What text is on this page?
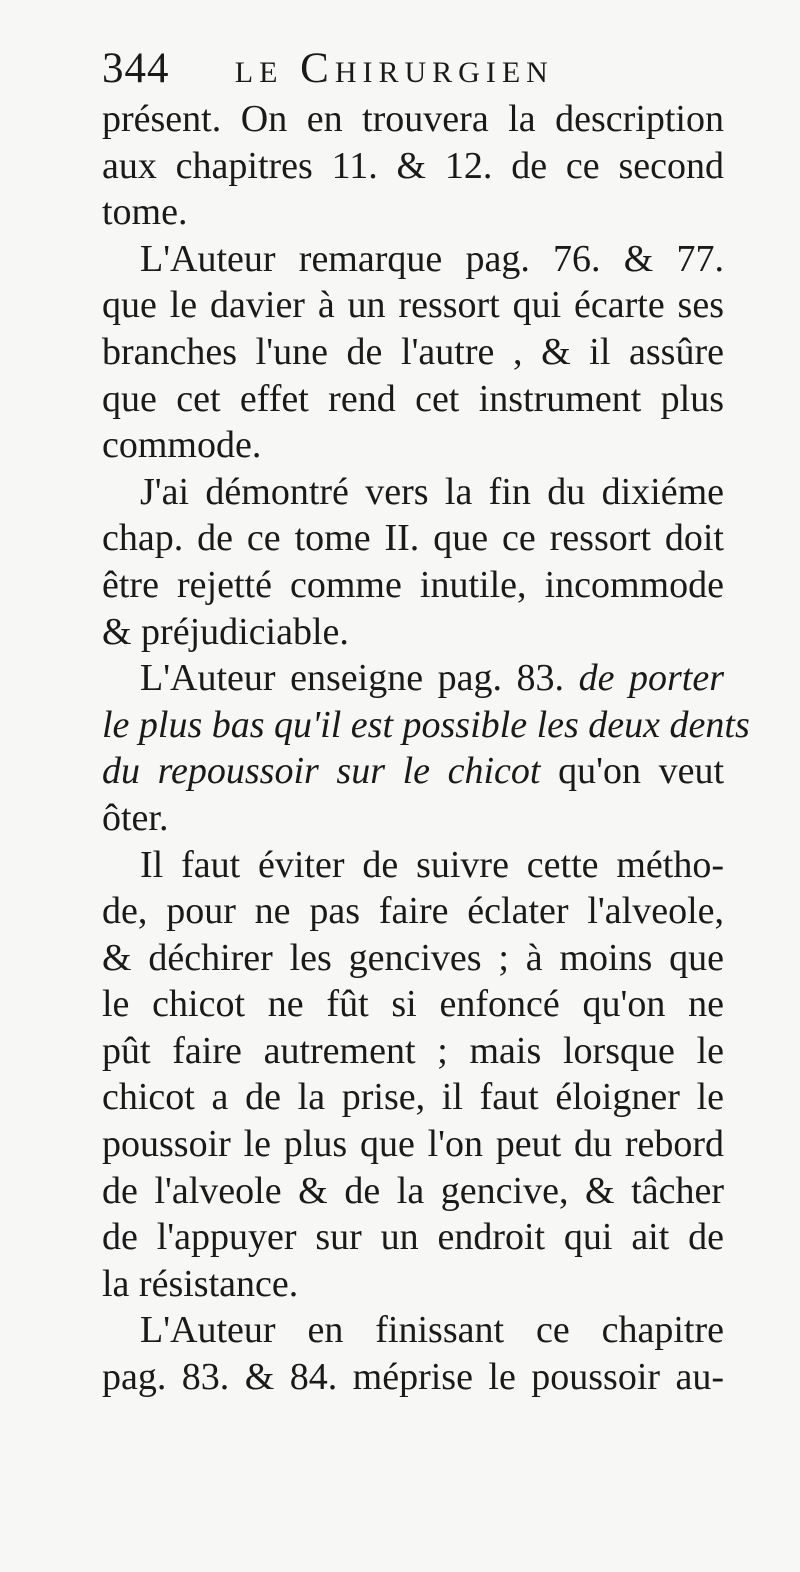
344 le Chirurgien
présent. On en trouvera la description
aux chapitres 11. & 12. de ce second
tome.
L'Auteur remarque pag. 76. & 77.
que le davier à un ressort qui écarte ses
branches l'une de l'autre , & il assûre
que cet effet rend cet instrument plus
commode.
J'ai démontré vers la fin du dixiéme
chap. de ce tome II. que ce ressort doit
être rejetté comme inutile, incommode
& préjudiciable.
L'Auteur enseigne pag. 83. de porter
le plus bas qu'il est possible les deux dents
du repoussoir sur le chicot qu'on veut
ôter.
Il faut éviter de suivre cette métho-
de, pour ne pas faire éclater l'alveole,
& déchirer les gencives ; à moins que
le chicot ne fût si enfoncé qu'on ne
pût faire autrement ; mais lorsque le
chicot a de la prise, il faut éloigner le
poussoir le plus que l'on peut du rebord
de l'alveole & de la gencive, & tâcher
de l'appuyer sur un endroit qui ait de
la résistance.
L'Auteur en finissant ce chapitre
pag. 83. & 84. méprise le poussoir au-
